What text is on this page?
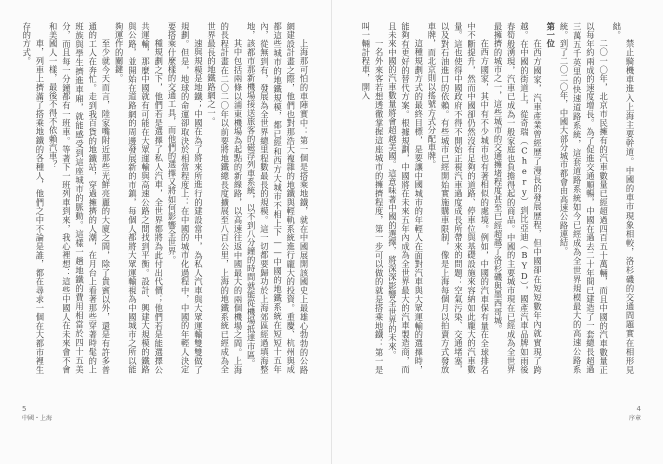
上海那可怕的車陣實中：第一個是搭乘地鐵，就在中國展開該國史上最雄心勃勃的公路網建設計畫之際，他們也對那浩大複雜的地鐵與輕軌系統進行龐大的投資。重慶、杭州與成都這些城市的地鐵規模，都已經和西方大城市不相上下——中國的地鐵系統在短短十五年內，從無到有，發展為全世界總里程數最長的規模。這一切都要歸功於上海郊區經過填海整地，該都市那新機場接送旅客的磁浮列車系統，以不到八分鐘的時間就能從機場抵達市區。

其中包括兩條以浦東機場為起點的新線路，以高速往返中國最大的兩個機場之間。上海的長程計畫在二〇二〇年以前要將地鐵總長度擴展至八百公里，上海的地鐵系統已經成為全世界最長的地鐵路網之一。

速與規模是地鐵；中國在為了將來所進行的建設當中，為私人汽車與大眾運輸雙雙做了規劃。但是，地球的命運卻取決於相當程度上：在中國的城市化過程中，中國的年輕人決定要搭乘什麼樣的交通工具，而他們的選擇又將如何影響全世界。

種規劃之下，他們若是選擇了私人汽車，全世界都將為此付出代價；他們若是能選擇公共運輸，那麼中國就有可能在大眾運輸與高速公路之間找到平衡。設計、興建大規模的鐵路與公路，並開始在道路網的周邊發展新的市鎮，每個人都將大眾運輸視為中國城市之所以能夠運作的關鍵。

至少就今天而言，陸家嘴附近那些光鮮亮麗的大廈之間，除了貴賓以外，還是有許多普通的工人在奔忙。走到我百貨的地鐵站，穿過擁擠的人潮，在月台上看著那些穿著時髦的上班族與學生擠進車廂，就能感受到這座城市的脈動。這樣一趟地鐵的費用相當於四十五美分，而且每一分鐘都有一班車。等著下一班列車到來，我心裡想：這些中國人在未來會不會和美國人一樣，最後不得不依賴汽車？

車，列車上擠滿了搭乘地鐵的各種人，他們之中不論是誰，都在尋求一個在大都市裡生存的方式。

5
中國・上海

禁止騎機車進入上海主要幹道。中國的車市現象相較，洛杉磯的交通問題實在相形見絀。

二〇一〇年，北京市民擁有的汽車數量已經超過四百五十萬輛，而且中國的汽車數量正以每年約兩成的速度增長。為了促進交通順暢，中國在過去二十年間已建造了一套總長超過三萬五千英里的快速道路系統，這套道路系統如今已經成為全世界規模最大的高速公路系統。到了二〇二〇年，中國大部分城市都會由高速公路連結。

第一位

在西方國家，汽車產業曾經歷了漫長的發展歷程，但中國卻在短短數年內就實現了跨越。在中國的街道上，從奇瑞（Chery）到比亞迪（BYD），國產汽車品牌如雨後春筍般湧現，汽車已成為一般家庭也負擔得起的商品。中國的主要城市現在已經成為全世界最擁擠的城市之一，這些城市的交通擁堵程度甚至已經超越了洛杉磯與墨西哥城。

在西方國家，其中有不少城市也有著相似的處境。例如，中國的汽車保有量在全球排名中不斷提升，然而中國卻仍然沒有足夠的道路、停車位與基礎設施來容納如此龐大的汽車數量。這也使得中國政府不得不開始正視汽車過度成長所帶來的問題：空氣污染、交通堵塞，以及對石油進口的依賴。有些城市已經開始實施購車限制，像是上海每個月以拍賣方式發放車牌，而北京則以搖號方式分配車牌。

這種規劃方式的最終目標，是要讓中國城市的年輕人在面對汽車與大眾運輸的選擇時，能夠有更好的替代方案。根據規劃，中國將在未來五年內成為全世界最大的汽車製造商，而且未來中國的汽車數量將會超越美國。這意味著中國的選擇，將深深影響全世界的未來。

一名外來客若想透徹掌握這座城市的擁擠程度，第一步可以做的就是搭乘地鐵：第一是叫一輛計程車，開入

4
序章
